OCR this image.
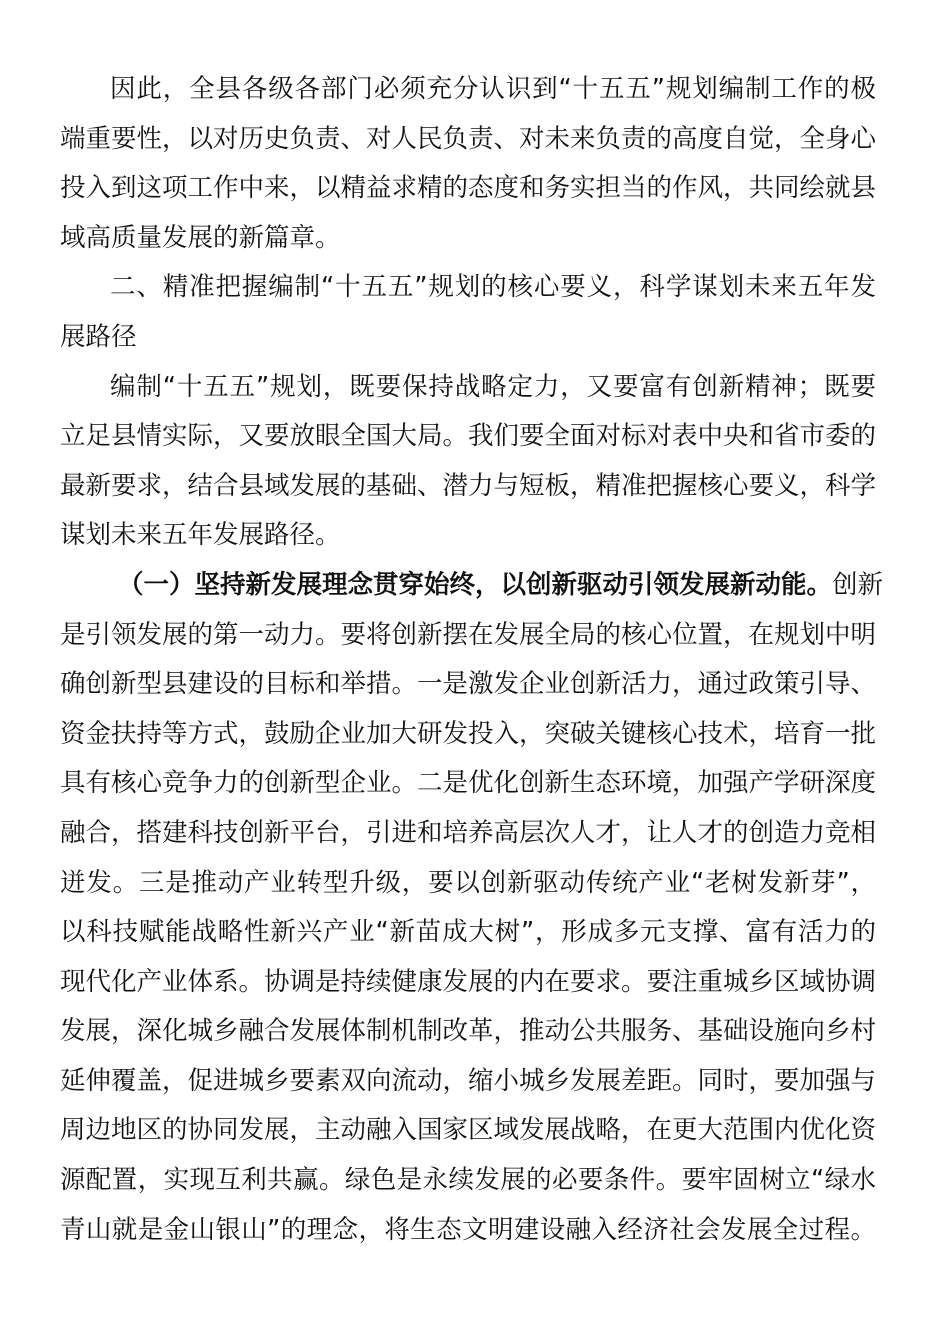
因此，全县各级各部门必须充分认识到“十五五”规划编制工作的极
端重要性，以对历史负责、对人民负责、对未来负责的高度自觉，全身心
投入到这项工作中来，以精益求精的态度和务实担当的作风，共同绘就县
域高质量发展的新篇章。
二、精准把握编制“十五五”规划的核心要义，科学谋划未来五年发
展路径
编制“十五五”规划，既要保持战略定力，又要富有创新精神；既要
立足县情实际，又要放眼全国大局。我们要全面对标对表中央和省市委的
最新要求，结合县域发展的基础、潜力与短板，精准把握核心要义，科学
谋划未来五年发展路径。
（一）坚持新发展理念贯穿始终，以创新驱动引领发展新动能。创新
是引领发展的第一动力。要将创新摆在发展全局的核心位置，在规划中明
确创新型县建设的目标和举措。一是激发企业创新活力，通过政策引导、
资金扶持等方式，鼓励企业加大研发投入，突破关键核心技术，培育一批
具有核心竞争力的创新型企业。二是优化创新生态环境，加强产学研深度
融合，搭建科技创新平台，引进和培养高层次人才，让人才的创造力竞相
迸发。三是推动产业转型升级，要以创新驱动传统产业“老树发新芽”，
以科技赋能战略性新兴产业“新苗成大树”，形成多元支撑、富有活力的
现代化产业体系。协调是持续健康发展的内在要求。要注重城乡区域协调
发展，深化城乡融合发展体制机制改革，推动公共服务、基础设施向乡村
延伸覆盖，促进城乡要素双向流动，缩小城乡发展差距。同时，要加强与
周边地区的协同发展，主动融入国家区域发展战略，在更大范围内优化资
源配置，实现互利共赢。绿色是永续发展的必要条件。要牢固树立“绿水
青山就是金山银山”的理念，将生态文明建设融入经济社会发展全过程。
